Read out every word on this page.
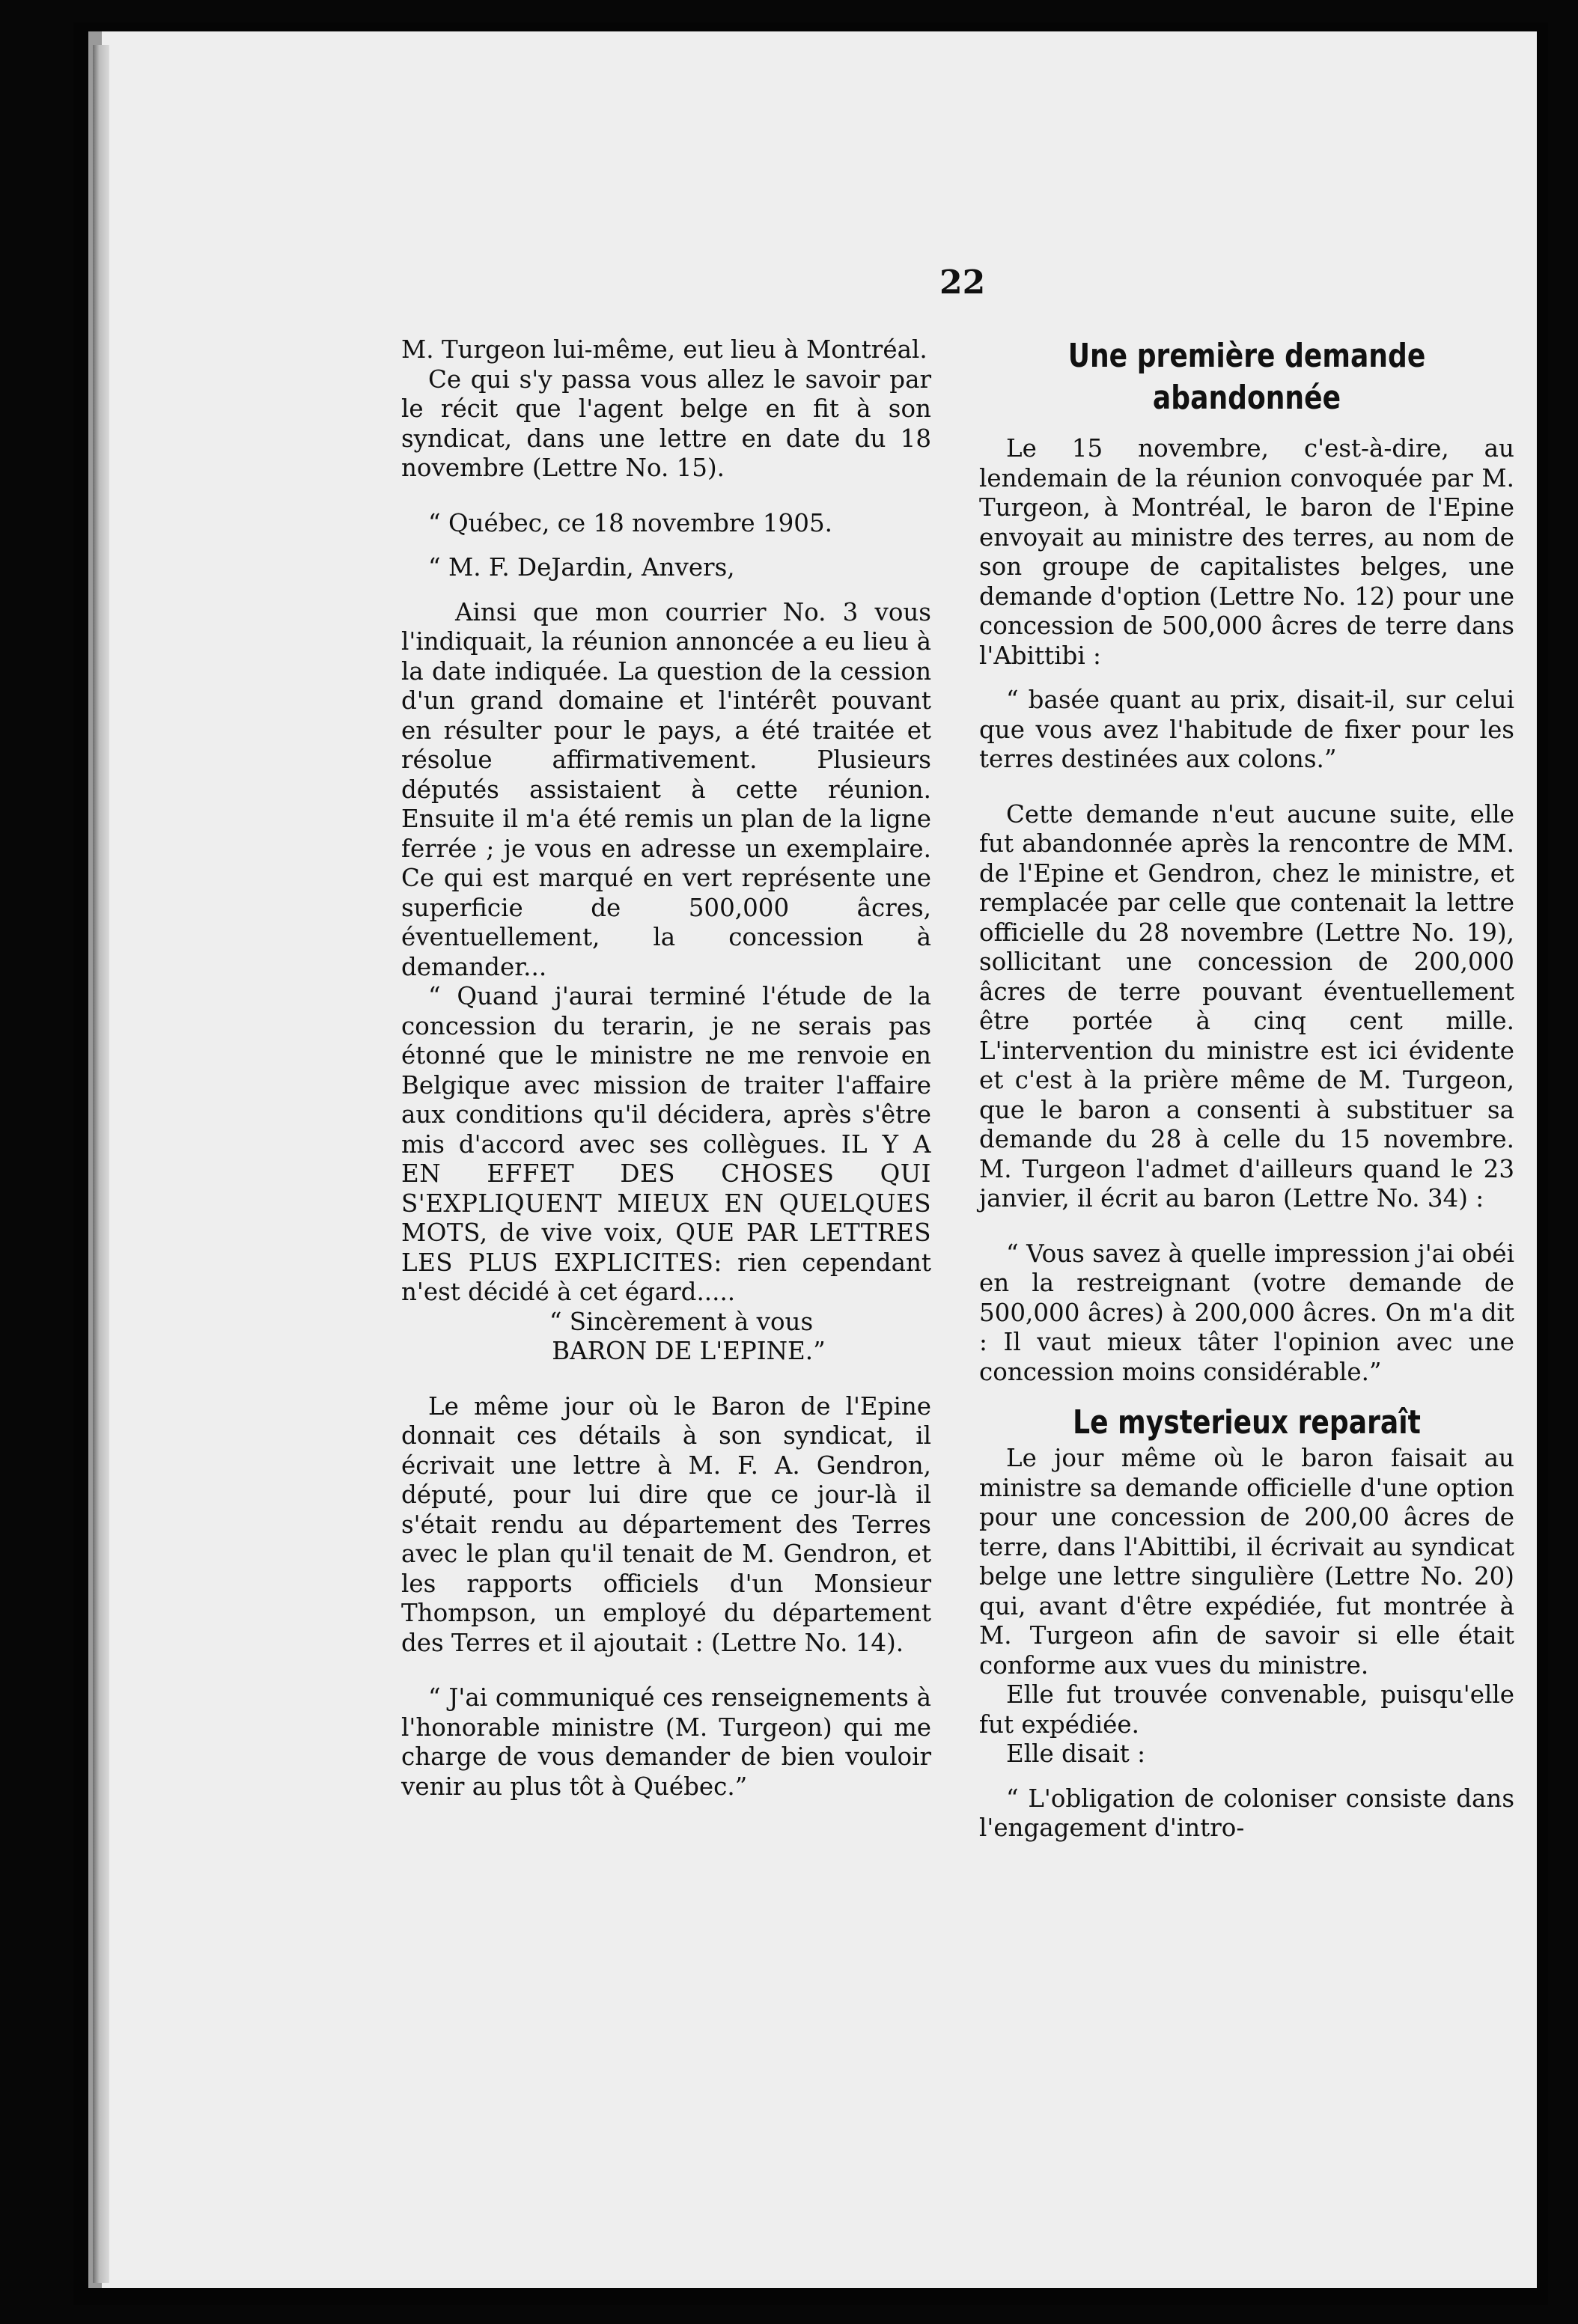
22

M. Turgeon lui-même, eut lieu à Montréal.

Ce qui s'y passa vous allez le savoir par le récit que l'agent belge en fit à son syndicat, dans une lettre en date du 18 novembre (Lettre No. 15).

“ Québec, ce 18 novembre 1905.

“ M. F. DeJardin, Anvers,

Ainsi que mon courrier No. 3 vous l'indiquait, la réunion annoncée a eu lieu à la date indiquée. La question de la cession d'un grand domaine et l'intérêt pouvant en résulter pour le pays, a été traitée et résolue affirmativement. Plusieurs députés assistaient à cette réunion. Ensuite il m'a été remis un plan de la ligne ferrée ; je vous en adresse un exemplaire. Ce qui est marqué en vert représente une superficie de 500,000 âcres, éventuellement, la concession à demander...

“ Quand j'aurai terminé l'étude de la concession du terarin, je ne serais pas étonné que le ministre ne me renvoie en Belgique avec mission de traiter l'affaire aux conditions qu'il décidera, après s'être mis d'accord avec ses collègues. IL Y A EN EFFET DES CHOSES QUI S'EXPLIQUENT MIEUX EN QUELQUES MOTS, de vive voix, QUE PAR LETTRES LES PLUS EXPLICITES: rien cependant n'est décidé à cet égard.....

“ Sincèrement à vous

BARON DE L'EPINE.”

Le même jour où le Baron de l'Epine donnait ces détails à son syndicat, il écrivait une lettre à M. F. A. Gendron, député, pour lui dire que ce jour-là il s'était rendu au département des Terres avec le plan qu'il tenait de M. Gendron, et les rapports officiels d'un Monsieur Thompson, un employé du département des Terres et il ajoutait : (Lettre No. 14).

“ J'ai communiqué ces renseignements à l'honorable ministre (M. Turgeon) qui me charge de vous demander de bien vouloir venir au plus tôt à Québec.”

Une première demande abandonnée

Le 15 novembre, c'est-à-dire, au lendemain de la réunion convoquée par M. Turgeon, à Montréal, le baron de l'Epine envoyait au ministre des terres, au nom de son groupe de capitalistes belges, une demande d'option (Lettre No. 12) pour une concession de 500,000 âcres de terre dans l'Abittibi :

“ basée quant au prix, disait-il, sur celui que vous avez l'habitude de fixer pour les terres destinées aux colons.”

Cette demande n'eut aucune suite, elle fut abandonnée après la rencontre de MM. de l'Epine et Gendron, chez le ministre, et remplacée par celle que contenait la lettre officielle du 28 novembre (Lettre No. 19), sollicitant une concession de 200,000 âcres de terre pouvant éventuellement être portée à cinq cent mille. L'intervention du ministre est ici évidente et c'est à la prière même de M. Turgeon, que le baron a consenti à substituer sa demande du 28 à celle du 15 novembre. M. Turgeon l'admet d'ailleurs quand le 23 janvier, il écrit au baron (Lettre No. 34) :

“ Vous savez à quelle impression j'ai obéi en la restreignant (votre demande de 500,000 âcres) à 200,000 âcres. On m'a dit : Il vaut mieux tâter l'opinion avec une concession moins considérable.”

Le mysterieux reparaît

Le jour même où le baron faisait au ministre sa demande officielle d'une option pour une concession de 200,00 âcres de terre, dans l'Abittibi, il écrivait au syndicat belge une lettre singulière (Lettre No. 20) qui, avant d'être expédiée, fut montrée à M. Turgeon afin de savoir si elle était conforme aux vues du ministre.

Elle fut trouvée convenable, puisqu'elle fut expédiée.

Elle disait :

“ L'obligation de coloniser consiste dans l'engagement d'intro-
